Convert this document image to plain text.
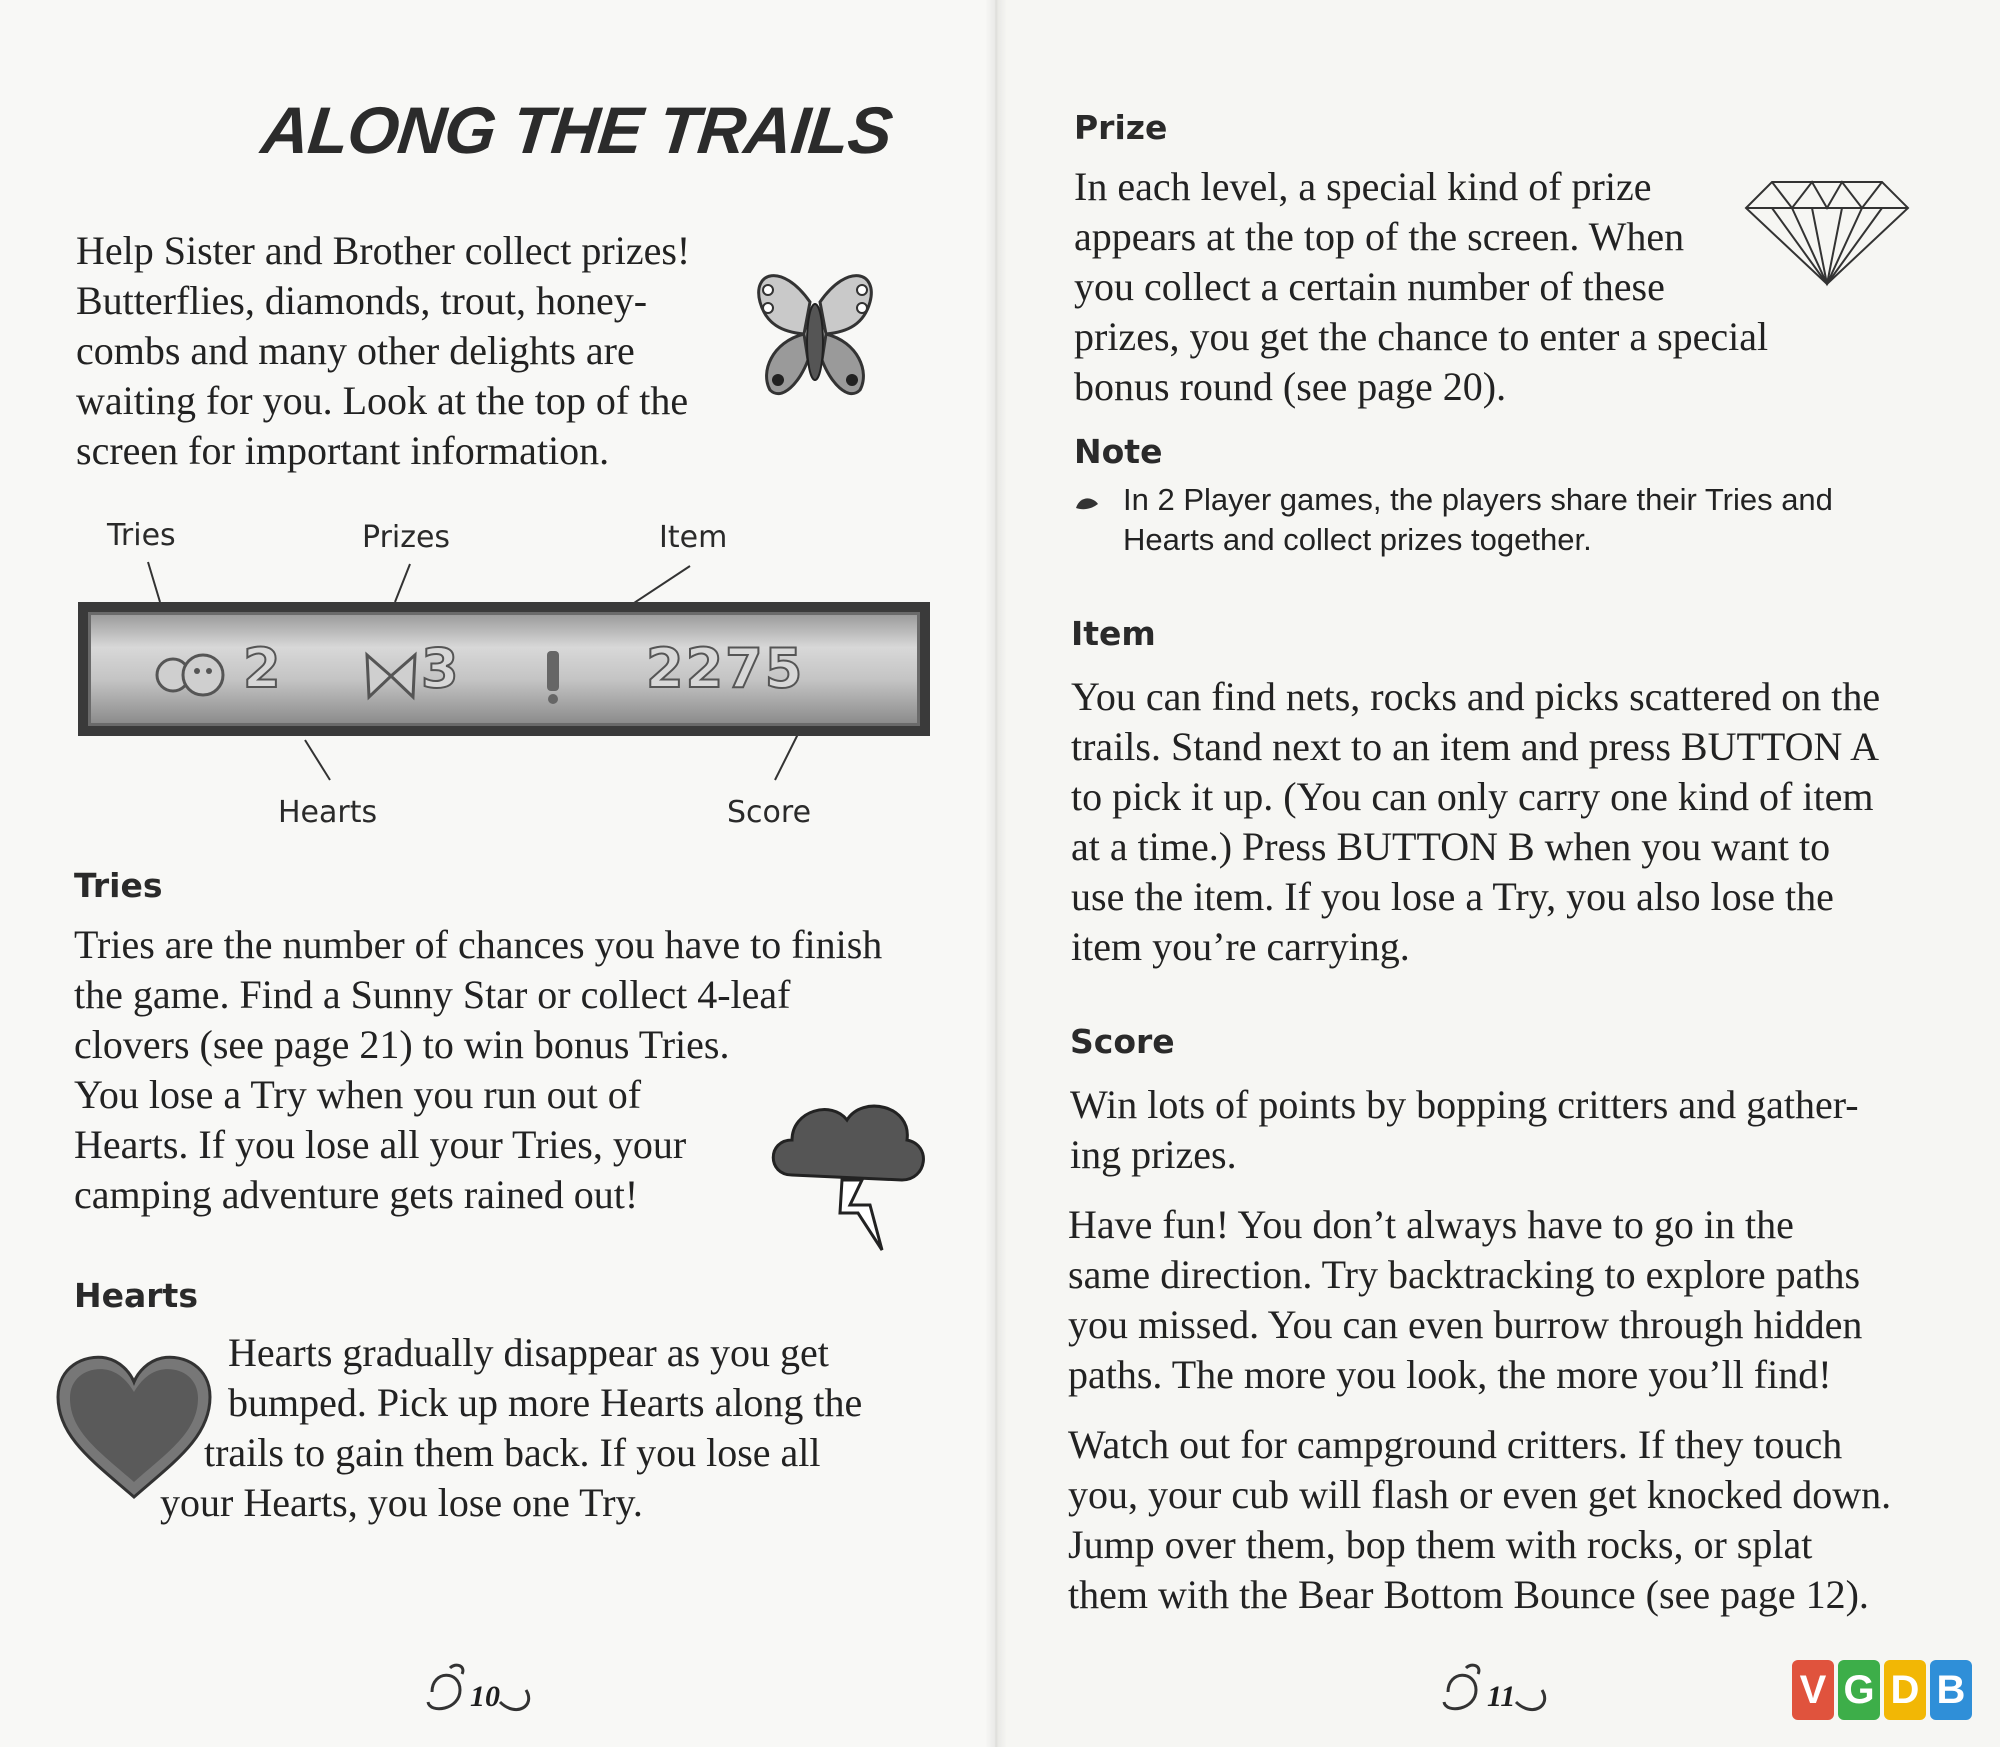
ALONG THE TRAILS
Help Sister and Brother collect prizes!
Butterflies, diamonds, trout, honey-
combs and many other delights are
waiting for you. Look at the top of the
screen for important information.
Tries	Prizes	Item
Hearts	Score
2	3	2275
Tries
Tries are the number of chances you have to finish
the game. Find a Sunny Star or collect 4-leaf
clovers (see page 21) to win bonus Tries.
You lose a Try when you run out of
Hearts. If you lose all your Tries, your
camping adventure gets rained out!
Hearts
Hearts gradually disappear as you get
bumped. Pick up more Hearts along the
trails to gain them back. If you lose all
your Hearts, you lose one Try.
10
Prize
In each level, a special kind of prize
appears at the top of the screen. When
you collect a certain number of these
prizes, you get the chance to enter a special
bonus round (see page 20).
Note
In 2 Player games, the players share their Tries and
Hearts and collect prizes together.
Item
You can find nets, rocks and picks scattered on the
trails. Stand next to an item and press BUTTON A
to pick it up. (You can only carry one kind of item
at a time.) Press BUTTON B when you want to
use the item. If you lose a Try, you also lose the
item you’re carrying.
Score
Win lots of points by bopping critters and gather-
ing prizes.
Have fun! You don’t always have to go in the
same direction. Try backtracking to explore paths
you missed. You can even burrow through hidden
paths. The more you look, the more you’ll find!
Watch out for campground critters. If they touch
you, your cub will flash or even get knocked down.
Jump over them, bop them with rocks, or splat
them with the Bear Bottom Bounce (see page 12).
11	V G D B
